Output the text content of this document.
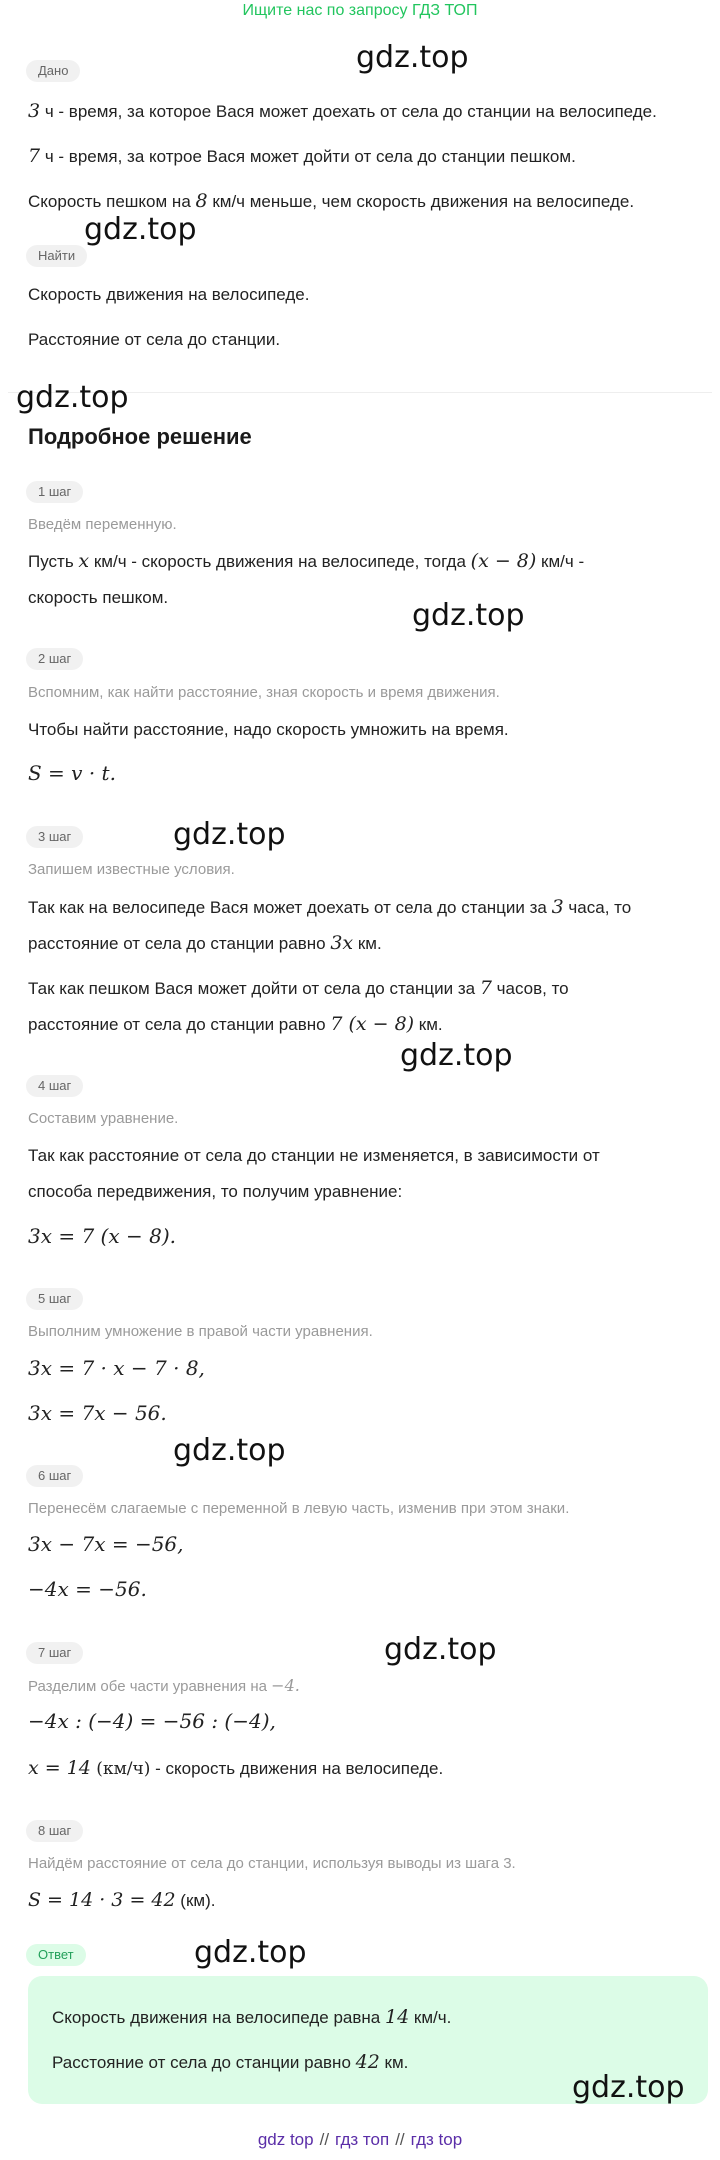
Ищите нас по запросу ГДЗ ТОП
Дано
3 ч - время, за которое Вася может доехать от села до станции на велосипеде.
7 ч - время, за котрое Вася может дойти от села до станции пешком.
Скорость пешком на 8 км/ч меньше, чем скорость движения на велосипеде.
Найти
Скорость движения на велосипеде.
Расстояние от села до станции.
Подробное решение
1 шаг
Введём переменную.
Пусть x км/ч - скорость движения на велосипеде, тогда (x − 8) км/ч -
скорость пешком.
2 шаг
Вспомним, как найти расстояние, зная скорость и время движения.
Чтобы найти расстояние, надо скорость умножить на время.
S = v · t.
3 шаг
Запишем известные условия.
Так как на велосипеде Вася может доехать от села до станции за 3 часа, то
расстояние от села до станции равно 3x км.
Так как пешком Вася может дойти от села до станции за 7 часов, то
расстояние от села до станции равно 7 (x − 8) км.
4 шаг
Составим уравнение.
Так как расстояние от села до станции не изменяется, в зависимости от
способа передвижения, то получим уравнение:
3x = 7 (x − 8).
5 шаг
Выполним умножение в правой части уравнения.
3x = 7 · x − 7 · 8,
3x = 7x − 56.
6 шаг
Перенесём слагаемые с переменной в левую часть, изменив при этом знаки.
3x − 7x = −56,
−4x = −56.
7 шаг
Разделим обе части уравнения на −4.
−4x : (−4) = −56 : (−4),
x = 14 (км/ч) - скорость движения на велосипеде.
8 шаг
Найдём расстояние от села до станции, используя выводы из шага 3.
S = 14 · 3 = 42 (км).
Ответ
Скорость движения на велосипеде равна 14 км/ч.
Расстояние от села до станции равно 42 км.
gdz.top
gdz.top
gdz.top
gdz.top
gdz.top
gdz.top
gdz.top
gdz.top
gdz.top
gdz.top
gdz top // гдз топ // гдз top
